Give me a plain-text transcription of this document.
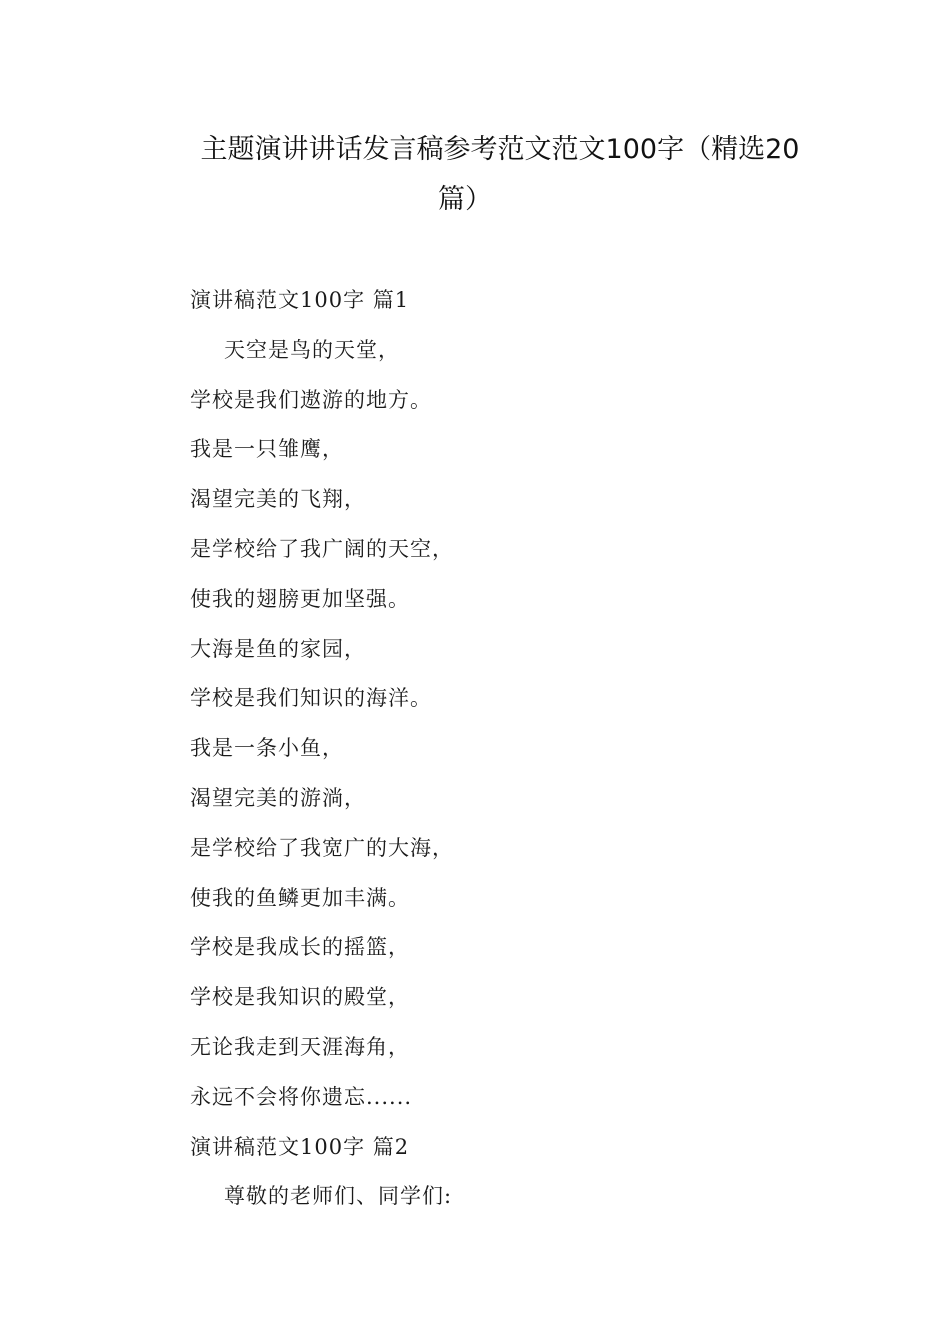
主题演讲讲话发言稿参考范文范文100字（精选20
篇）
演讲稿范文100字 篇1
天空是鸟的天堂，
学校是我们遨游的地方。
我是一只雏鹰，
渴望完美的飞翔，
是学校给了我广阔的天空，
使我的翅膀更加坚强。
大海是鱼的家园，
学校是我们知识的海洋。
我是一条小鱼，
渴望完美的游淌，
是学校给了我宽广的大海，
使我的鱼鳞更加丰满。
学校是我成长的摇篮，
学校是我知识的殿堂，
无论我走到天涯海角，
永远不会将你遗忘......
演讲稿范文100字 篇2
尊敬的老师们、同学们:
